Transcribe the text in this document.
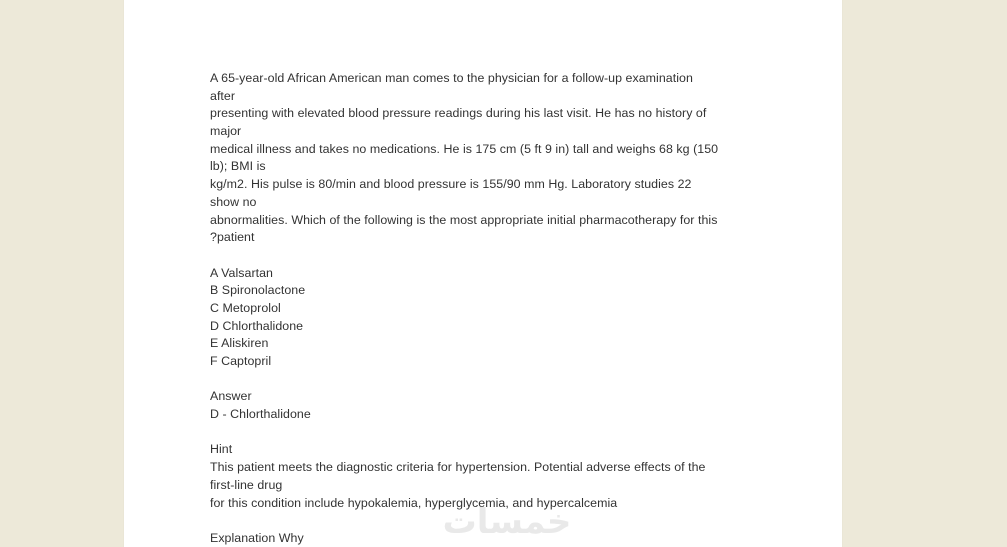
A 65-year-old African American man comes to the physician for a follow-up examination
after
presenting with elevated blood pressure readings during his last visit. He has no history of
major
medical illness and takes no medications. He is 175 cm (5 ft 9 in) tall and weighs 68 kg (150
lb); BMI is
kg/m2. His pulse is 80/min and blood pressure is 155/90 mm Hg. Laboratory studies 22
show no
abnormalities. Which of the following is the most appropriate initial pharmacotherapy for this
?patient
A Valsartan
B Spironolactone
C Metoprolol
D Chlorthalidone
E Aliskiren
F Captopril
Answer
D - Chlorthalidone
Hint
This patient meets the diagnostic criteria for hypertension. Potential adverse effects of the
first-line drug
for this condition include hypokalemia, hyperglycemia, and hypercalcemia
Explanation Why	خمسات
